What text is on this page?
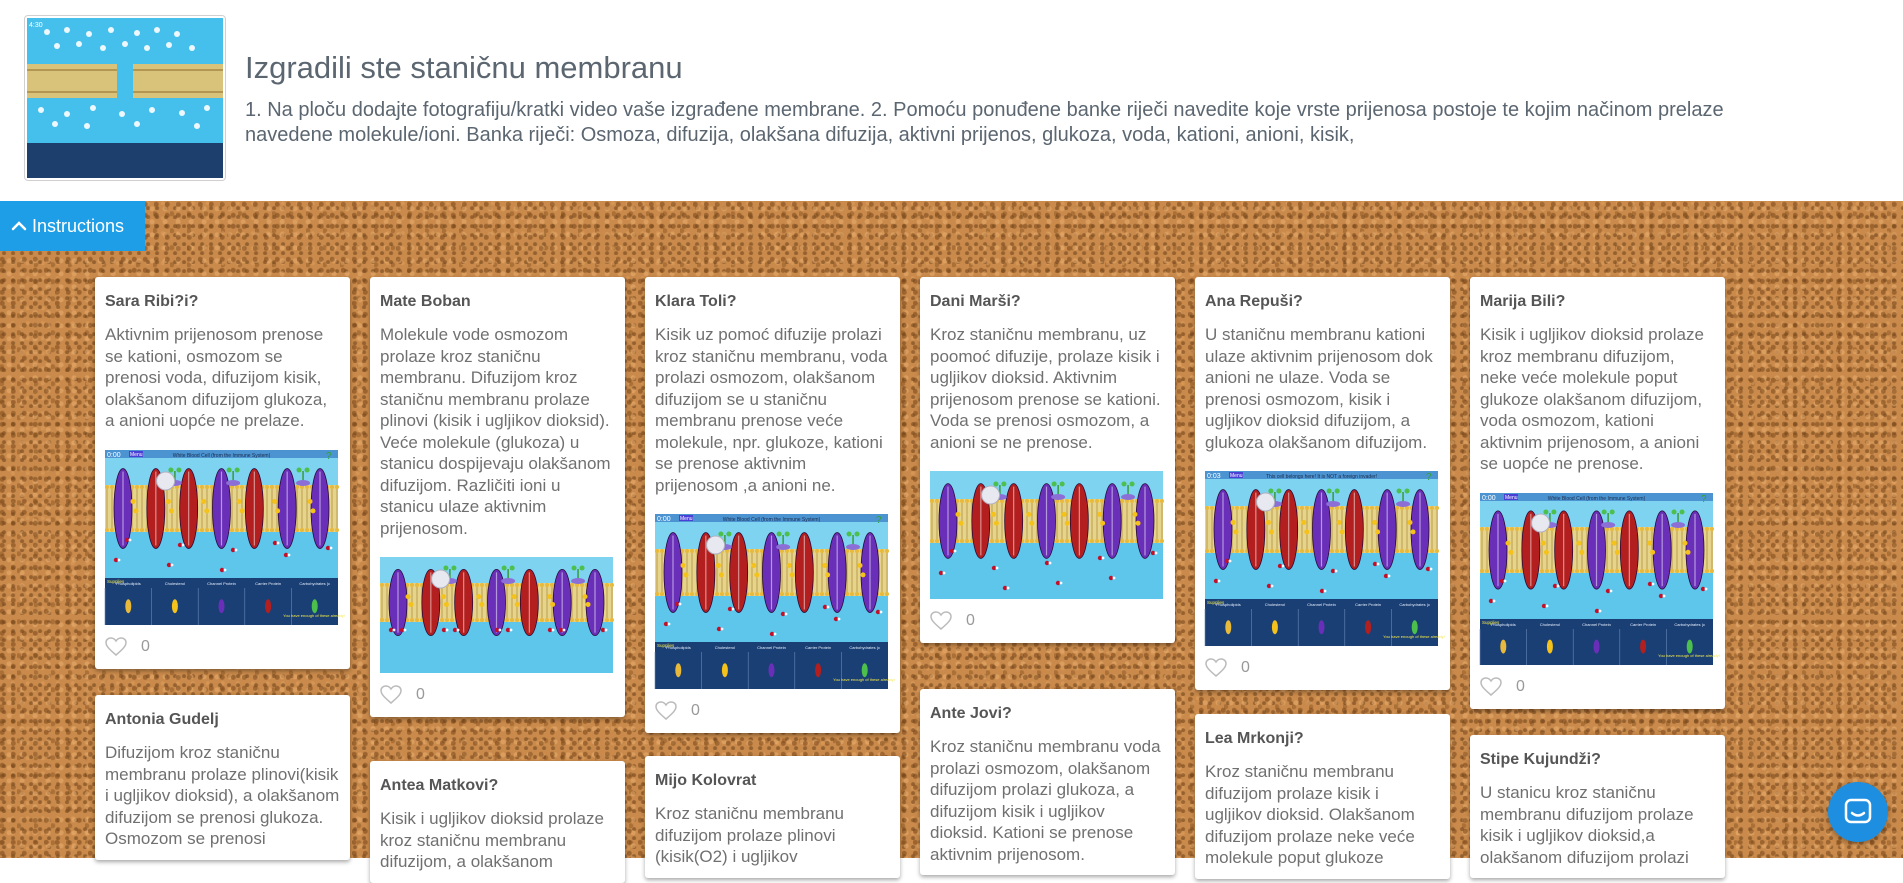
4:30
Izgradili ste staničnu membranu

1. Na ploču dodajte fotografiju/kratki video vaše izgrađene membrane. 2. Pomoću ponuđene banke riječi navedite koje vrste prijenosa postoje te kojim načinom prelaze navedene molekule/ioni. Banka riječi: Osmoza, difuzija, olakšana difuzija, aktivni prijenos, glukoza, voda, kationi, anioni, kisik,

Instructions
Sara Ribi?i?
Aktivnim prijenosom prenose se kationi, osmozom se prenosi voda, difuzijom kisik, olakšanom difuzijom glukoza, a anioni uopće ne prelaze.
0:00 Menu	White Blood Cell (from the Immune System)	?
Phospholipids	Cholesterol	Channel Protein	Carrier Protein	Carbohydrates (c
Supplies
You have enough of these already!
0
Antonia Gudelj
Difuzijom kroz staničnu membranu prolaze plinovi(kisik i ugljikov dioksid), a olakšanom difuzijom se prenosi glukoza. Osmozom se prenosi
Mate Boban
Molekule vode osmozom prolaze kroz staničnu membranu. Difuzijom kroz staničnu membranu prolaze plinovi (kisik i ugljikov dioksid). Veće molekule (glukoza) u stanicu dospijevaju olakšanom difuzijom. Različiti ioni u stanicu ulaze aktivnim prijenosom.
0
Antea Matkovi?
Kisik i ugljikov dioksid prolaze kroz staničnu membranu difuzijom, a olakšanom
Klara Toli?
Kisik uz pomoć difuzije prolazi kroz staničnu membranu, voda prolazi osmozom, olakšanom difuzijom se u staničnu membranu prenose veće molekule, npr. glukoze, kationi se prenose aktivnim prijenosom ,a anioni ne.
0:00 Menu	White Blood Cell (from the Immune System)	?
Phospholipids	Cholesterol	Channel Protein	Carrier Protein	Carbohydrates (c
Supplies
You have enough of these already!
0
Mijo Kolovrat
Kroz staničnu membranu difuzijom prolaze plinovi (kisik(O2) i ugljikov
Dani Marši?
Kroz staničnu membranu, uz poomoć difuzije, prolaze kisik i ugljikov dioksid. Aktivnim prijenosom prenose se kationi. Voda se prenosi osmozom, a anioni se ne prenose.
0
Ante Jovi?
Kroz staničnu membranu voda prolazi osmozom, olakšanom difuzijom prolazi glukoza, a difuzijom kisik i ugljikov dioksid. Kationi se prenose aktivnim prijenosom.
Ana Repuši?
U staničnu membranu kationi ulaze aktivnim prijenosom dok anioni ne ulaze. Voda se prenosi osmozom, kisik i ugljikov dioksid difuzijom, a glukoza olakšanom difuzijom.
0:03 Menu	This cell belongs here! It is NOT a foreign invader!	?
Phospholipids	Cholesterol	Channel Protein	Carrier Protein	Carbohydrates (c
Supplies
You have enough of these already!
0
Lea Mrkonji?
Kroz staničnu membranu difuzijom prolaze kisik i ugljikov dioksid. Olakšanom difuzijom prolaze neke veće molekule poput glukoze
Marija Bili?
Kisik i ugljikov dioksid prolaze kroz membranu difuzijom, neke veće molekule poput glukoze olakšanom difuzijom, voda osmozom, kationi aktivnim prijenosom, a anioni se uopće ne prenose.
0:00 Menu	White Blood Cell (from the Immune System)	?
Phospholipids	Cholesterol	Channel Protein	Carrier Protein	Carbohydrates (c
Supplies
You have enough of these already!
0
Stipe Kujundži?
U stanicu kroz staničnu membranu difuzijom prolaze kisik i ugljikov dioksid,a olakšanom difuzijom prolazi
